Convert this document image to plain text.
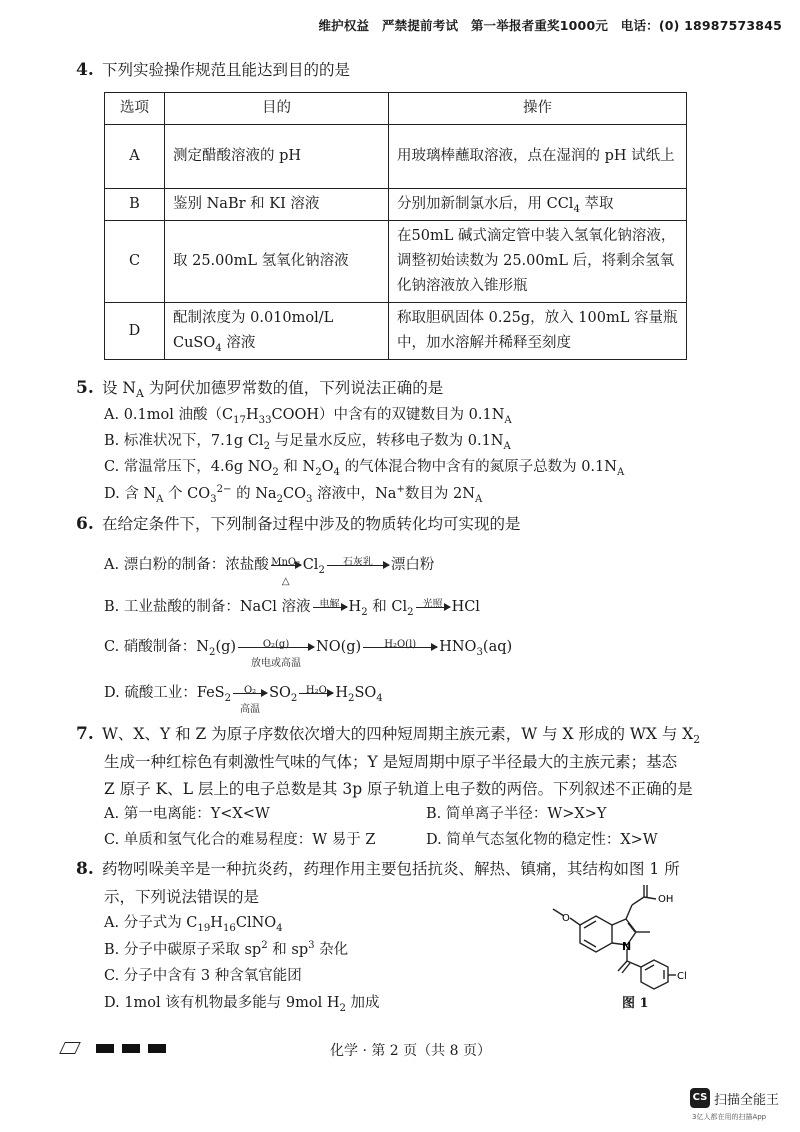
维护权益　严禁提前考试　第一举报者重奖1000元　电话：(0) 18987573845
4. 下列实验操作规范且能达到目的的是
选项	目的	操作
A	测定醋酸溶液的 pH	用玻璃棒蘸取溶液，点在湿润的 pH 试纸上
B	鉴别 NaBr 和 KI 溶液	分别加新制氯水后，用 CCl$_4$ 萃取
C	取 25.00mL 氢氧化钠溶液	在50mL 碱式滴定管中装入氢氧化钠溶液，调整初始读数为 25.00mL 后，将剩余氢氧化钠溶液放入锥形瓶
D	配制浓度为 0.010mol/L CuSO$_4$ 溶液	称取胆矾固体 0.25g，放入 100mL 容量瓶中，加水溶解并稀释至刻度
5. 设 $N_A$ 为阿伏加德罗常数的值，下列说法正确的是
A. 0.1mol 油酸$(C_{17}H_{33}COOH)$中含有的双键数目为 $0.1N_A$
B. 标准状况下，7.1g $Cl_2$ 与足量水反应，转移电子数为 $0.1N_A$
C. 常温常压下，4.6g $NO_2$ 和 $N_2O_4$ 的气体混合物中含有的氮原子总数为 $0.1N_A$
D. 含 $N_A$ 个 $CO_3^{2-}$ 的 $Na_2CO_3$ 溶液中，Na+数目为 $2N_A$
6. 在给定条件下，下列制备过程中涉及的物质转化均可实现的是
A. 漂白粉的制备：浓盐酸 MnO₂
△
$Cl_2$
石灰乳	漂白粉
B. 工业盐酸的制备：NaCl 溶液 电解 $H_2$ 和 $Cl_2$
光照 HCl
C. 硝酸制备：$N_2(g)$	O₂(g)
放电或高温
NO(g)	H₂O(l)	$HNO_3(aq)$
D. 硫酸工业：FeS$_2$
O₂
高温
$SO_2$
H₂O $H_2SO_4$
7. W、X、Y 和 Z 为原子序数依次增大的四种短周期主族元素，W 与 X 形成的 WX 与 $X_2$
生成一种红棕色有刺激性气味的气体；Y 是短周期中原子半径最大的主族元素；基态
Z 原子 K、L 层上的电子总数是其 3p 原子轨道上电子数的两倍。下列叙述不正确的是
A. 第一电离能：Y<X<W	B. 简单离子半径：W>X>Y
C. 单质和氢气化合的难易程度：W 易于 Z	D. 简单气态氢化物的稳定性：X>W
8. 药物吲哚美辛是一种抗炎药，药理作用主要包括抗炎、解热、镇痛，其结构如图 1 所
示，下列说法错误的是
A. 分子式为 $C_{19}H_{16}ClNO_4$
B. 分子中碳原子采取 $sp^2$ 和 $sp^3$ 杂化
C. 分子中含有 3 种含氧官能团
D. 1mol 该有机物最多能与 9mol $H_2$ 加成
O
OH
N
Cl
图 1
化学 · 第 2 页（共 8 页）
CS 扫描全能王
3亿人都在用的扫描App
